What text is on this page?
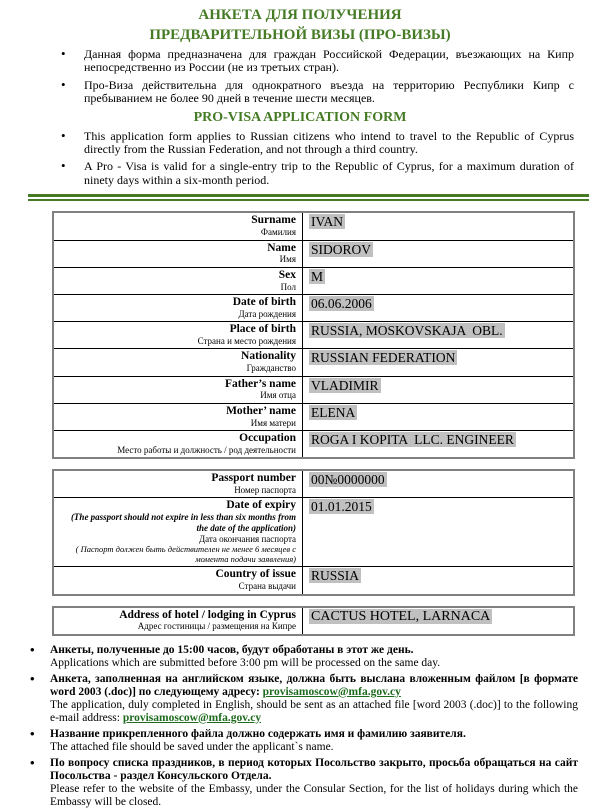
АНКЕТА ДЛЯ ПОЛУЧЕНИЯ
ПРЕДВАРИТЕЛЬНОЙ ВИЗЫ (ПРО-ВИЗЫ)
• Данная форма предназначена для граждан Российской Федерации, въезжающих на Кипр непосредственно из России (не из третьих стран).
• Про-Виза действительна для однократного въезда на территорию Республики Кипр с пребыванием не более 90 дней в течение шести месяцев.
PRO-VISA APPLICATION FORM
• This application form applies to Russian citizens who intend to travel to the Republic of Cyprus directly from the Russian Federation, and not through a third country.
• A Pro - Visa is valid for a single-entry trip to the Republic of Cyprus, for a maximum duration of ninety days within a six-month period.
Surname
Фамилия	IVAN

Name
Имя	SIDOROV

Sex
Пол	M

Date of birth
Дата рождения	06.06.2006

Place of birth
Страна и место рождения	RUSSIA, MOSKOVSKAJA  OBL.

Nationality
Гражданство	RUSSIAN FEDERATION

Father’s name
Имя отца	VLADIMIR

Mother’ name
Имя матери	ELENA

Occupation
Место работы и должность / род деятельности	ROGA I KOPITA  LLC. ENGINEER
Passport number
Номер паспорта	00№0000000

Date of expiry
(The passport should not expire in less than six months from the date of the application)
Дата окончания паспорта
( Паспорт должен быть действителен не менее 6 месяцев с момента подачи заявления)	01.01.2015

Country of issue
Страна выдачи	RUSSIA
Address of hotel / lodging in Cyprus
Адрес гостиницы / размещения на Кипре
	CACTUS HOTEL, LARNACA
• Анкеты, полученные до 15:00 часов, будут обработаны в этот же день.
Applications which are submitted before 3:00 pm will be processed on the same day.
• Анкета, заполненная на английском языке, должна быть выслана вложенным файлом [в формате word 2003 (.doc)] по следующему адресу: provisamoscow@mfa.gov.cy
The application, duly completed in English, should be sent as an attached file [word 2003 (.doc)] to the following e-mail address: provisamoscow@mfa.gov.cy
• Название прикрепленного файла должно содержать имя и фамилию заявителя.
The attached file should be saved under the applicant`s name.
• По вопросу списка праздников, в период которых Посольство закрыто, просьба обращаться на сайт Посольства - раздел Консульского Отдела.
Please refer to the website of the Embassy, under the Consular Section, for the list of holidays during which the Embassy will be closed.
